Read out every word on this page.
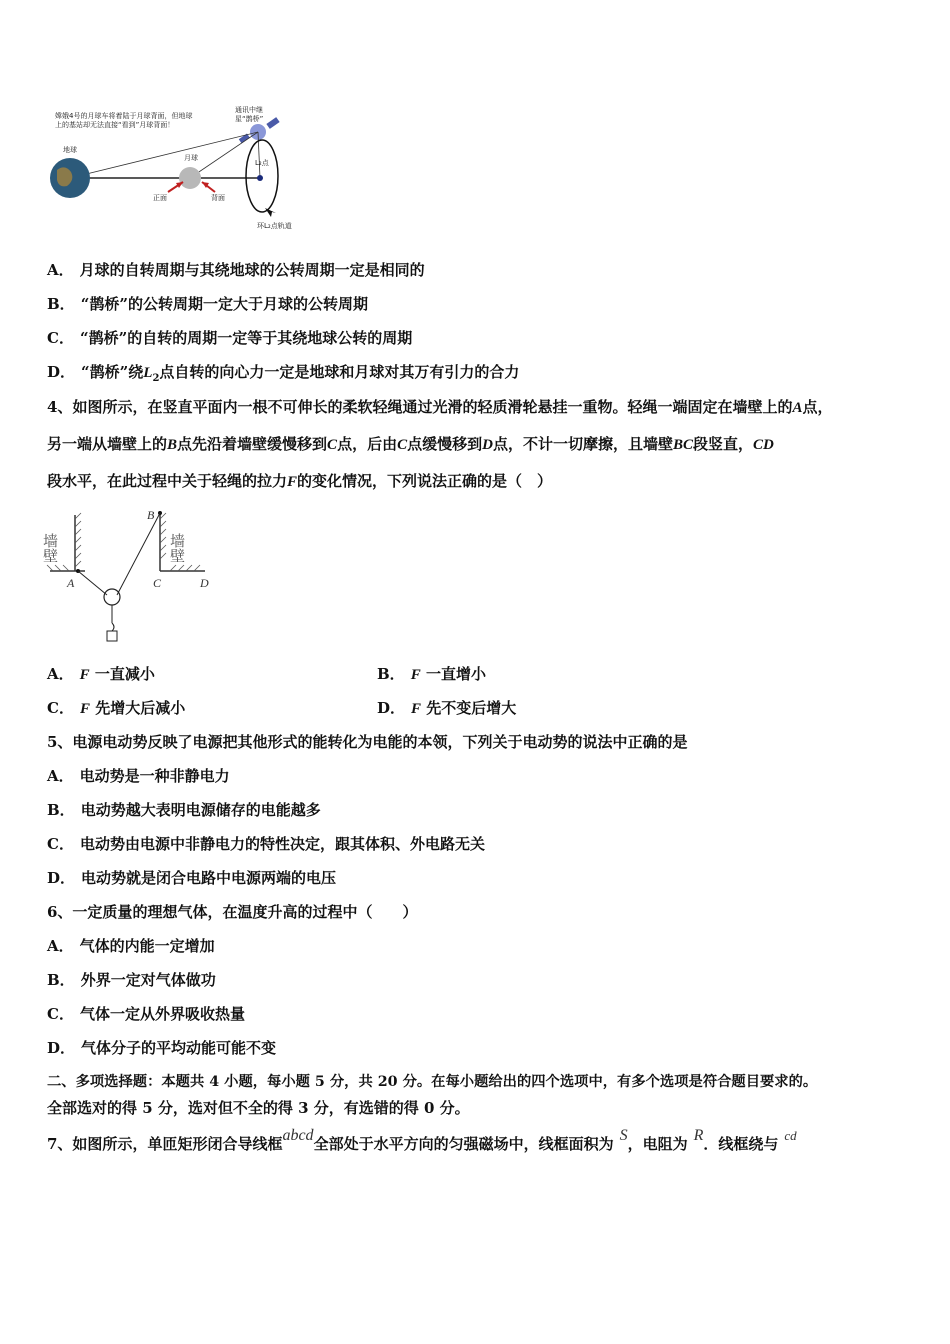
嫦娥4号的月球车将着陆于月球背面，但地球
上的基站却无法直接“看到”月球背面！
通讯中继
星“鹊桥”
地球
月球
正面	背面
L₂点
环L₂点轨道
A． 月球的自转周期与其绕地球的公转周期一定是相同的
B． “鹊桥”的公转周期一定大于月球的公转周期
C． “鹊桥”的自转的周期一定等于其绕地球公转的周期
D． “鹊桥”绕$L_2$点自转的向心力一定是地球和月球对其万有引力的合力
4、如图所示，在竖直平面内一根不可伸长的柔软轻绳通过光滑的轻质滑轮悬挂一重物。轻绳一端固定在墙壁上的A点，
另一端从墙壁上的B点先沿着墙壁缓慢移到C点，后由C点缓慢移到D点，不计一切摩擦，且墙壁BC段竖直，CD
段水平，在此过程中关于轻绳的拉力F的变化情况，下列说法正确的是（　）
墙壁	墙壁
A
B
C	D
A． F 一直减小	B． F 一直增小
C． F 先增大后减小	D． F 先不变后增大
5、电源电动势反映了电源把其他形式的能转化为电能的本领，下列关于电动势的说法中正确的是
A． 电动势是一种非静电力
B． 电动势越大表明电源储存的电能越多
C． 电动势由电源中非静电力的特性决定，跟其体积、外电路无关
D． 电动势就是闭合电路中电源两端的电压
6、一定质量的理想气体，在温度升高的过程中（　　）
A． 气体的内能一定增加
B． 外界一定对气体做功
C． 气体一定从外界吸收热量
D． 气体分子的平均动能可能不变
二、多项选择题：本题共 4 小题，每小题 5 分，共 20 分。在每小题给出的四个选项中，有多个选项是符合题目要求的。
全部选对的得 5 分，选对但不全的得 3 分，有选错的得 0 分。
7、如图所示，单匝矩形闭合导线框abcd全部处于水平方向的匀强磁场中，线框面积为 S，电阻为 R．线框绕与 cd
